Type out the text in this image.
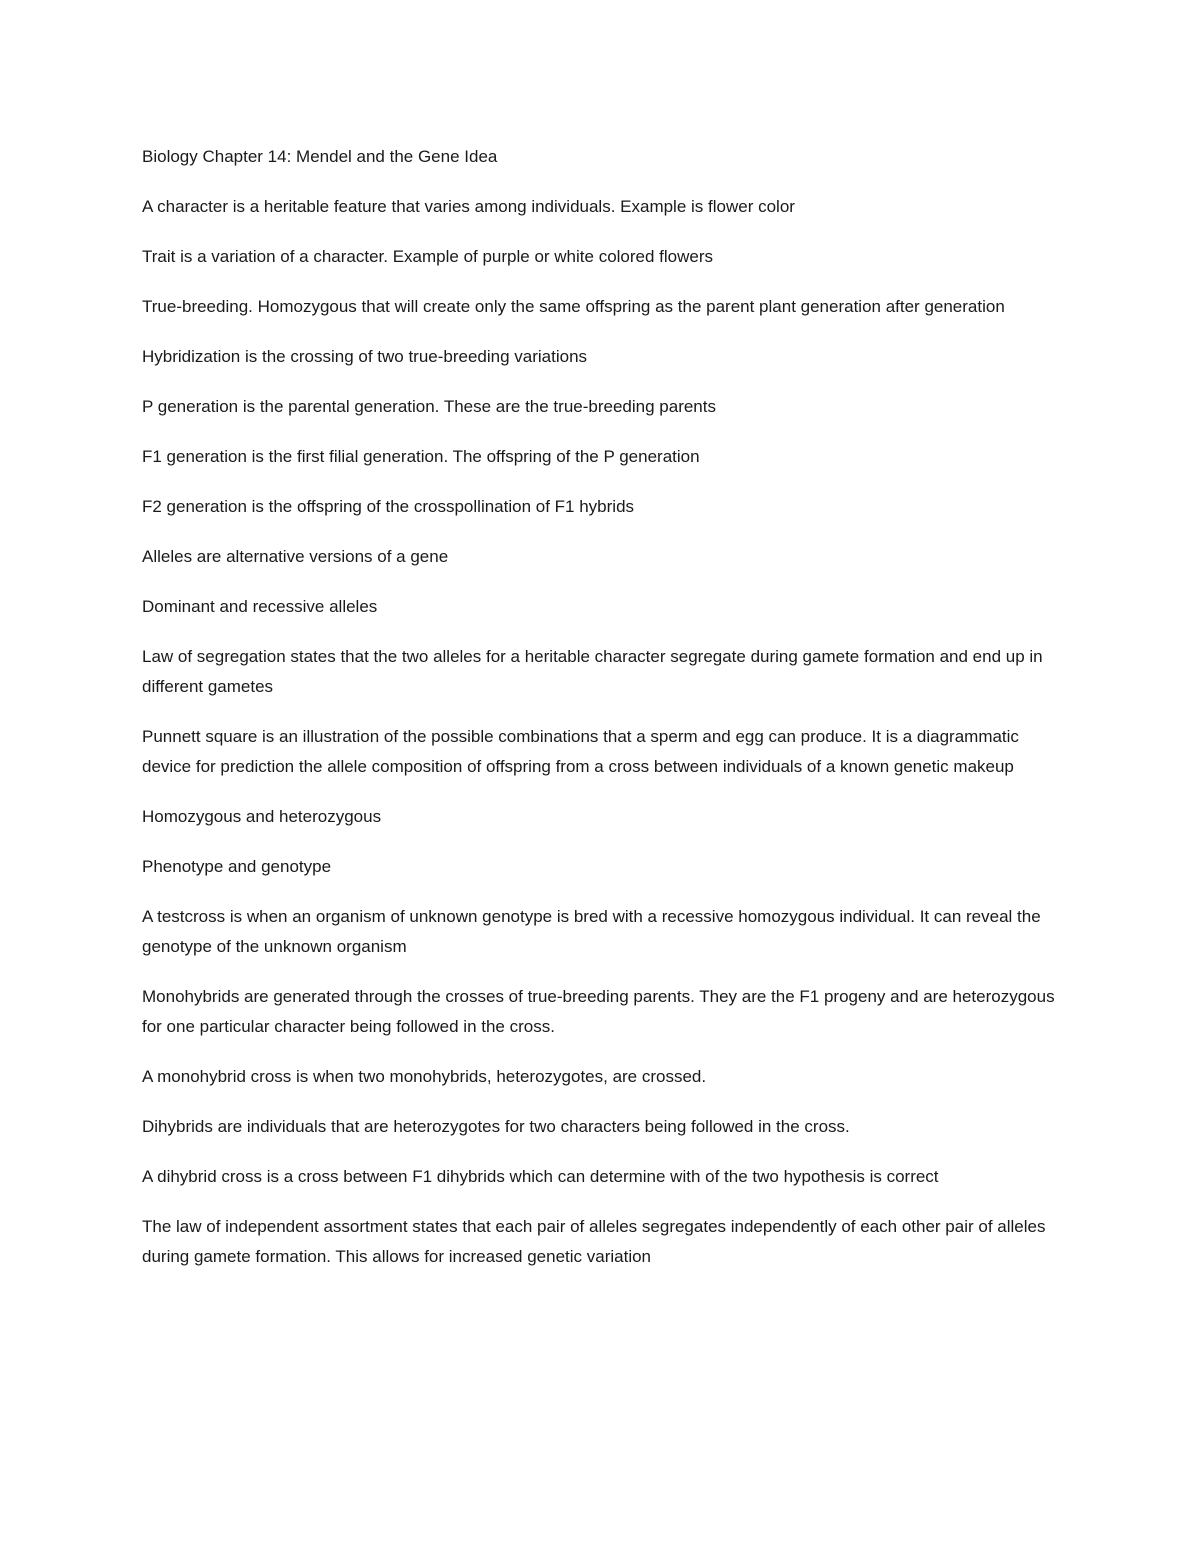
Biology Chapter 14: Mendel and the Gene Idea

A character is a heritable feature that varies among individuals. Example is flower color

Trait is a variation of a character. Example of purple or white colored flowers

True-breeding. Homozygous that will create only the same offspring as the parent plant generation after generation

Hybridization is the crossing of two true-breeding variations

P generation is the parental generation. These are the true-breeding parents

F1 generation is the first filial generation. The offspring of the P generation

F2 generation is the offspring of the crosspollination of F1 hybrids

Alleles are alternative versions of a gene

Dominant and recessive alleles

Law of segregation states that the two alleles for a heritable character segregate during gamete formation and end up in different gametes

Punnett square is an illustration of the possible combinations that a sperm and egg can produce. It is a diagrammatic device for prediction the allele composition of offspring from a cross between individuals of a known genetic makeup

Homozygous and heterozygous

Phenotype and genotype

A testcross is when an organism of unknown genotype is bred with a recessive homozygous individual. It can reveal the genotype of the unknown organism

Monohybrids are generated through the crosses of true-breeding parents. They are the F1 progeny and are heterozygous for one particular character being followed in the cross.

A monohybrid cross is when two monohybrids, heterozygotes, are crossed.

Dihybrids are individuals that are heterozygotes for two characters being followed in the cross.

A dihybrid cross is a cross between F1 dihybrids which can determine with of the two hypothesis is correct

The law of independent assortment states that each pair of alleles segregates independently of each other pair of alleles during gamete formation. This allows for increased genetic variation
